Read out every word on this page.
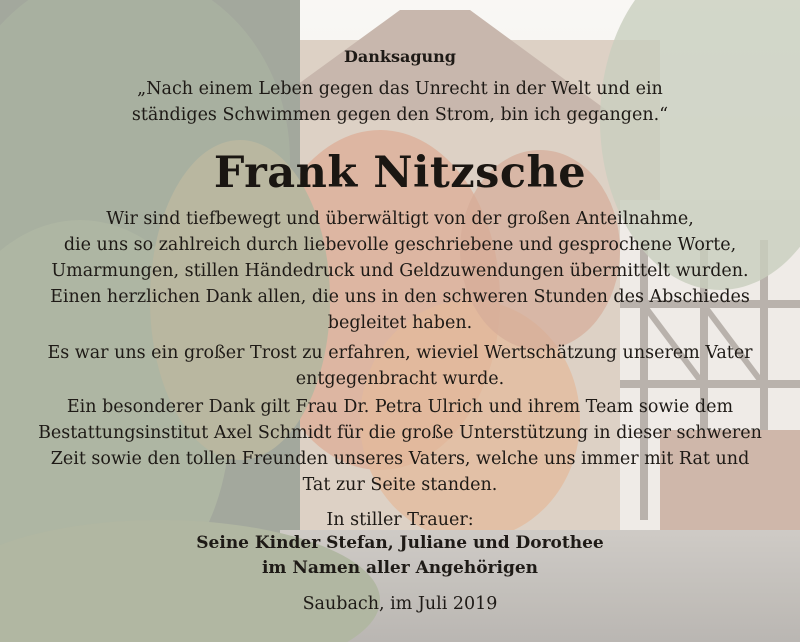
Danksagung
„Nach einem Leben gegen das Unrecht in der Welt und ein
ständiges Schwimmen gegen den Strom, bin ich gegangen.“
Frank Nitzsche
Wir sind tiefbewegt und überwältigt von der großen Anteilnahme,
die uns so zahlreich durch liebevolle geschriebene und gesprochene Worte,
Umarmungen, stillen Händedruck und Geldzuwendungen übermittelt wurden.
Einen herzlichen Dank allen, die uns in den schweren Stunden des Abschiedes
begleitet haben.
Es war uns ein großer Trost zu erfahren, wieviel Wertschätzung unserem Vater
entgegenbracht wurde.
Ein besonderer Dank gilt Frau Dr. Petra Ulrich und ihrem Team sowie dem
Bestattungsinstitut Axel Schmidt für die große Unterstützung in dieser schweren
Zeit sowie den tollen Freunden unseres Vaters, welche uns immer mit Rat und
Tat zur Seite standen.
In stiller Trauer:
Seine Kinder Stefan, Juliane und Dorothee
im Namen aller Angehörigen
Saubach, im Juli 2019
